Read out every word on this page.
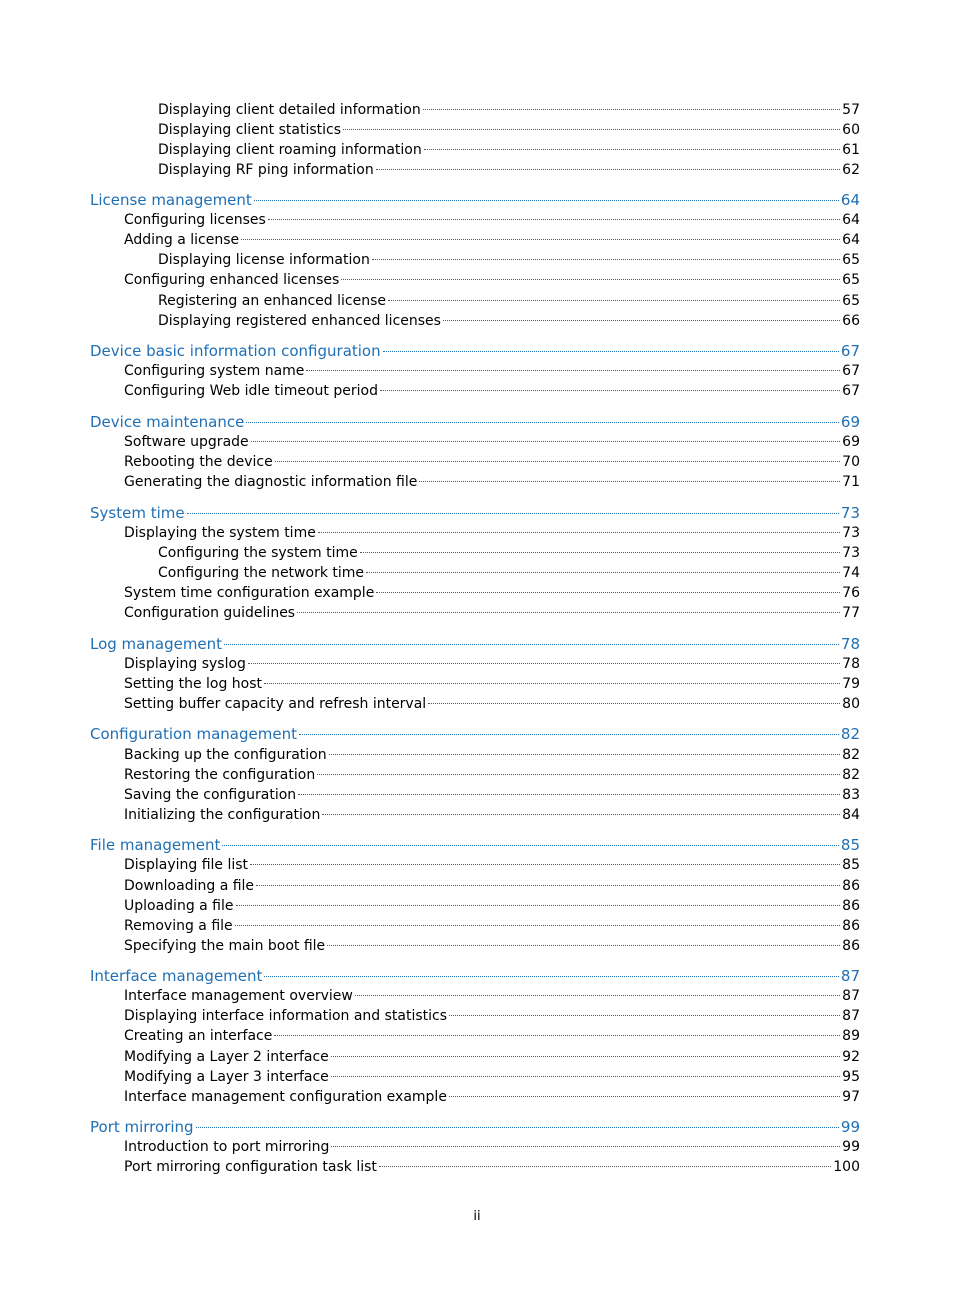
Displaying client detailed information	57
Displaying client statistics	60
Displaying client roaming information	61
Displaying RF ping information	62
License management	64
Configuring licenses	64
Adding a license	64
Displaying license information	65
Configuring enhanced licenses	65
Registering an enhanced license	65
Displaying registered enhanced licenses	66
Device basic information configuration	67
Configuring system name	67
Configuring Web idle timeout period	67
Device maintenance	69
Software upgrade	69
Rebooting the device	70
Generating the diagnostic information file	71
System time	73
Displaying the system time	73
Configuring the system time	73
Configuring the network time	74
System time configuration example	76
Configuration guidelines	77
Log management	78
Displaying syslog	78
Setting the log host	79
Setting buffer capacity and refresh interval	80
Configuration management	82
Backing up the configuration	82
Restoring the configuration	82
Saving the configuration	83
Initializing the configuration	84
File management	85
Displaying file list	85
Downloading a file	86
Uploading a file	86
Removing a file	86
Specifying the main boot file	86
Interface management	87
Interface management overview	87
Displaying interface information and statistics	87
Creating an interface	89
Modifying a Layer 2 interface	92
Modifying a Layer 3 interface	95
Interface management configuration example	97
Port mirroring	99
Introduction to port mirroring	99
Port mirroring configuration task list	100
ii
